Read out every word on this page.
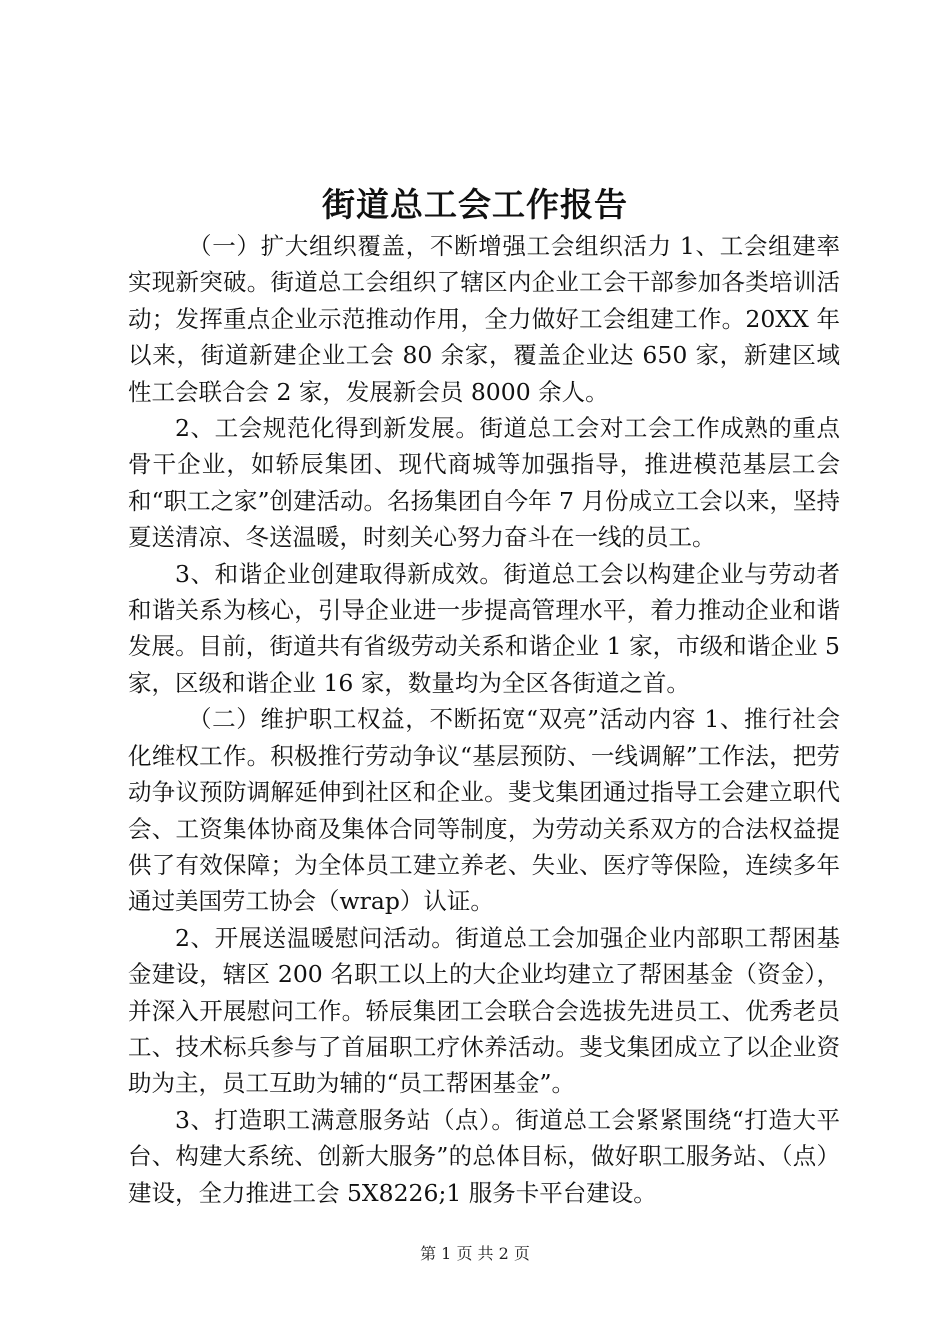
街道总工会工作报告

（一）扩大组织覆盖，不断增强工会组织活力 1、工会组建率实现新突破。街道总工会组织了辖区内企业工会干部参加各类培训活动；发挥重点企业示范推动作用，全力做好工会组建工作。20XX 年以来，街道新建企业工会 80 余家，覆盖企业达 650 家，新建区域性工会联合会 2 家，发展新会员 8000 余人。

2、工会规范化得到新发展。街道总工会对工会工作成熟的重点骨干企业，如轿辰集团、现代商城等加强指导，推进模范基层工会和“职工之家”创建活动。名扬集团自今年 7 月份成立工会以来，坚持夏送清凉、冬送温暖，时刻关心努力奋斗在一线的员工。

3、和谐企业创建取得新成效。街道总工会以构建企业与劳动者和谐关系为核心，引导企业进一步提高管理水平，着力推动企业和谐发展。目前，街道共有省级劳动关系和谐企业 1 家，市级和谐企业 5 家，区级和谐企业 16 家，数量均为全区各街道之首。

（二）维护职工权益，不断拓宽“双亮”活动内容 1、推行社会化维权工作。积极推行劳动争议“基层预防、一线调解”工作法，把劳动争议预防调解延伸到社区和企业。斐戈集团通过指导工会建立职代会、工资集体协商及集体合同等制度，为劳动关系双方的合法权益提供了有效保障；为全体员工建立养老、失业、医疗等保险，连续多年通过美国劳工协会（wrap）认证。

2、开展送温暖慰问活动。街道总工会加强企业内部职工帮困基金建设，辖区 200 名职工以上的大企业均建立了帮困基金（资金），并深入开展慰问工作。轿辰集团工会联合会选拔先进员工、优秀老员工、技术标兵参与了首届职工疗休养活动。斐戈集团成立了以企业资助为主，员工互助为辅的“员工帮困基金”。

3、打造职工满意服务站（点）。街道总工会紧紧围绕“打造大平台、构建大系统、创新大服务”的总体目标，做好职工服务站、（点）建设，全力推进工会 5X8226;1 服务卡平台建设。

第 1 页 共 2 页
